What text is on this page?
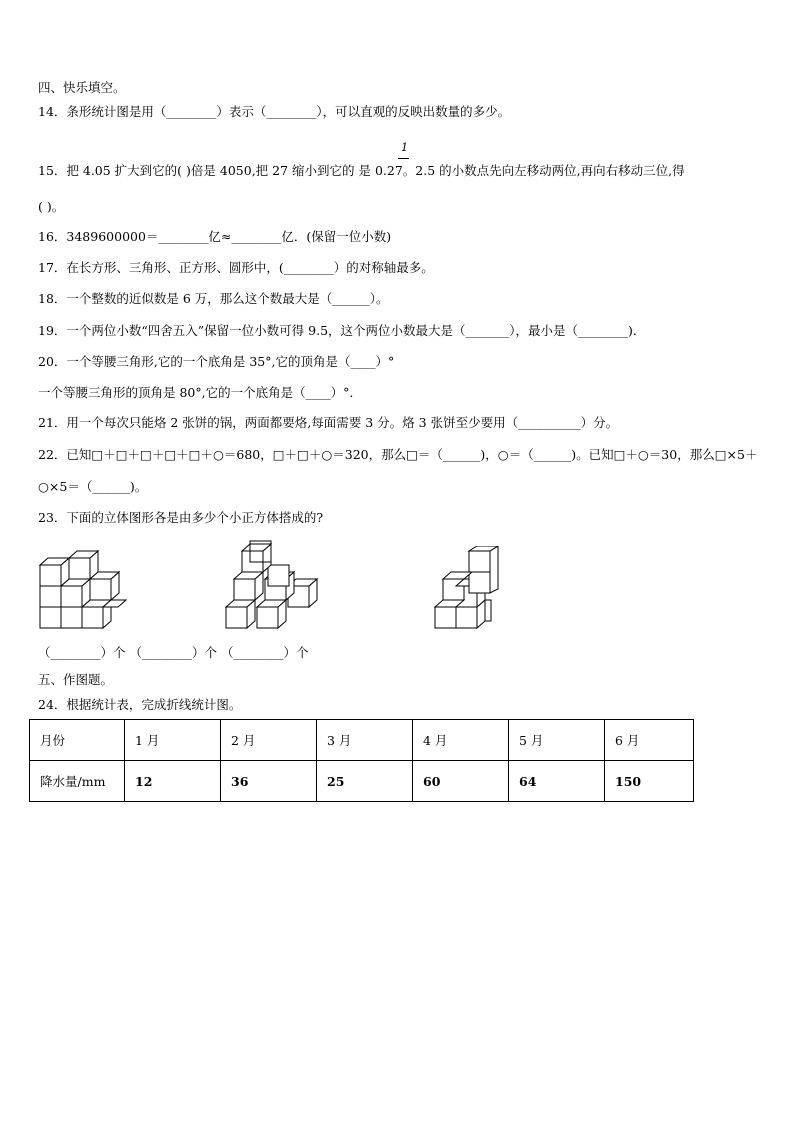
四、快乐填空。
14．条形统计图是用（________）表示（________），可以直观的反映出数量的多少。
1
15．把 4.05 扩大到它的( )倍是 4050,把 27 缩小到它的 是 0.27。2.5 的小数点先向左移动两位,再向右移动三位,得
( )。
16．3489600000＝________亿≈________亿．(保留一位小数)
17．在长方形、三角形、正方形、圆形中，(________）的对称轴最多。
18．一个整数的近似数是 6 万，那么这个数最大是（______）。
19．一个两位小数“四舍五入”保留一位小数可得 9.5，这个两位小数最大是（_______），最小是（________)．
20．一个等腰三角形,它的一个底角是 35°,它的顶角是（____）°
一个等腰三角形的顶角是 80°,它的一个底角是（____）°.
21．用一个每次只能烙 2 张饼的锅，两面都要烙,每面需要 3 分。烙 3 张饼至少要用（__________）分。
22．已知□＋□＋□＋□＋□＋○＝680，□＋□＋○＝320，那么□＝（______)，○＝（______)。已知□＋○＝30，那么□×5＋
○×5＝（______)。
23．下面的立体图形各是由多少个小正方体搭成的?
（________）个 （________）个 （________）个
五、作图题。
24．根据统计表，完成折线统计图。
月份	1 月	2 月	3 月	4 月	5 月	6 月
降水量/mm	12	36	25	60	64	150
